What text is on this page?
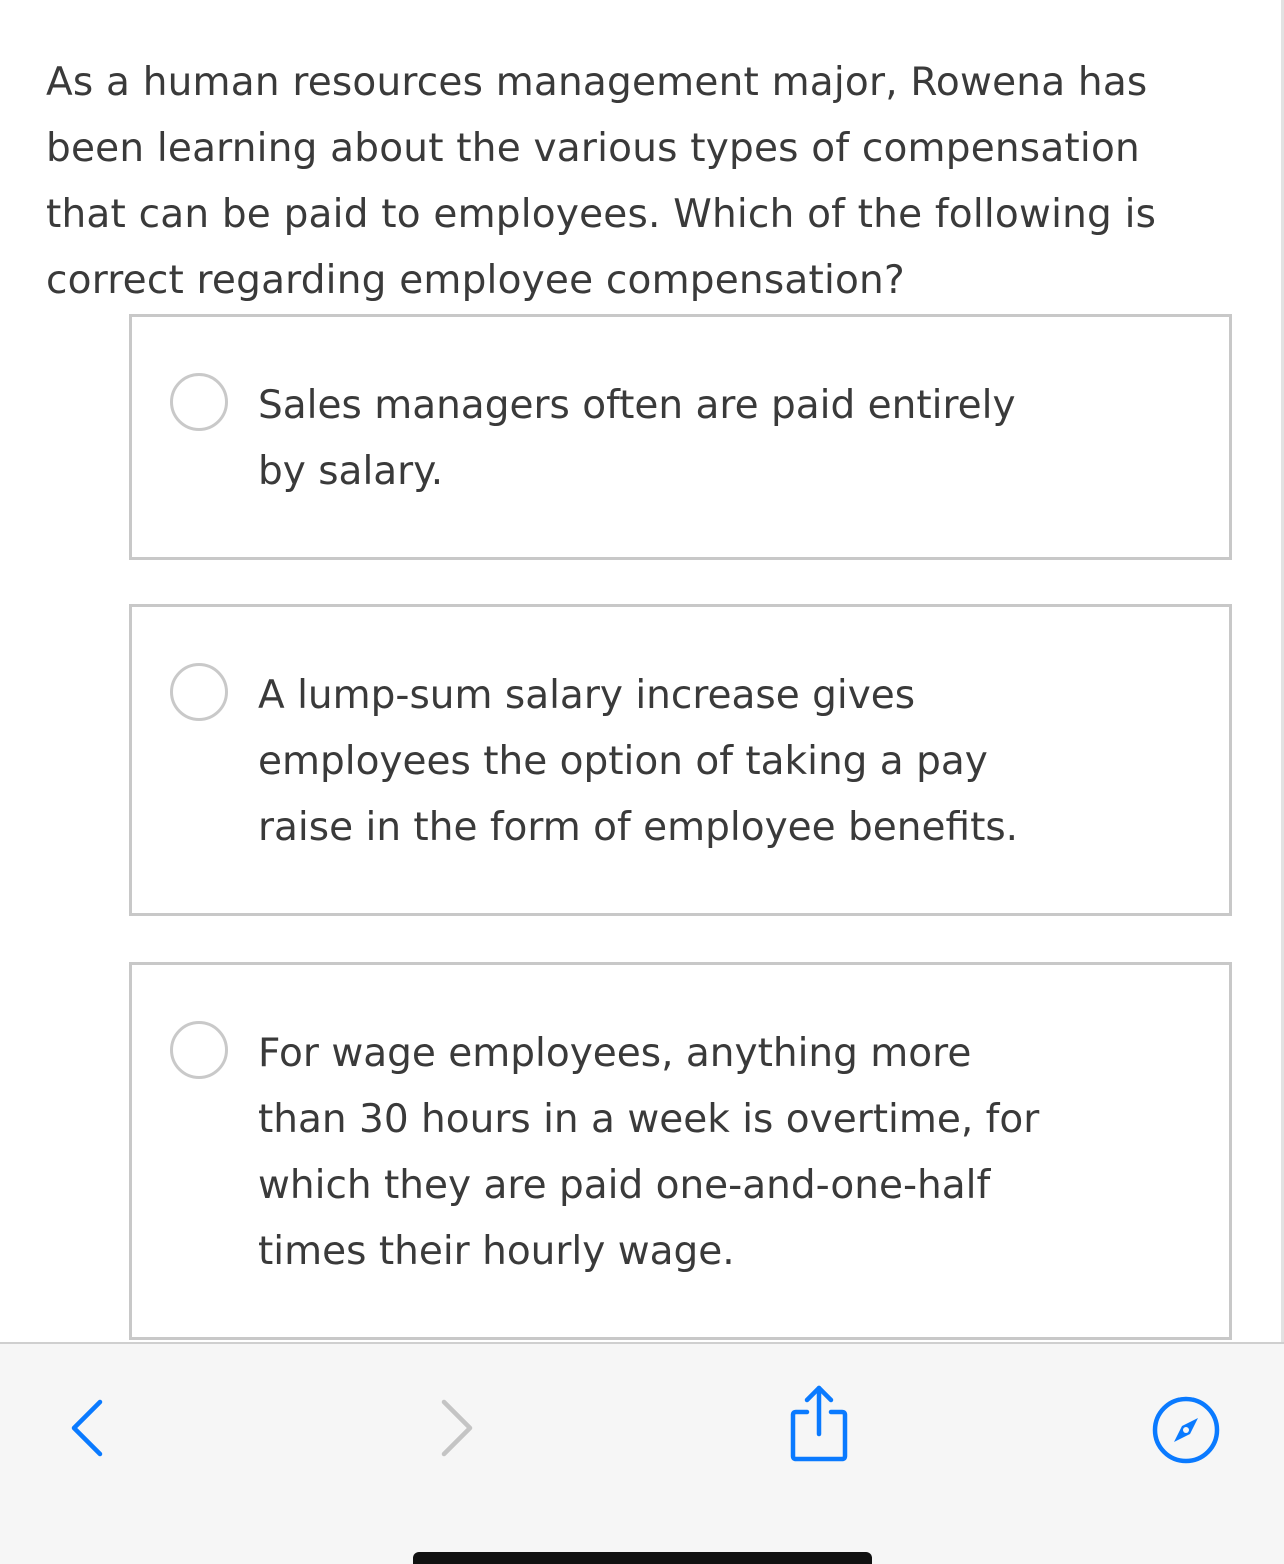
As a human resources management major, Rowena has
been learning about the various types of compensation
that can be paid to employees. Which of the following is
correct regarding employee compensation?

Sales managers often are paid entirely
by salary.
A lump-sum salary increase gives
employees the option of taking a pay
raise in the form of employee benefits.
For wage employees, anything more
than 30 hours in a week is overtime, for
which they are paid one-and-one-half
times their hourly wage.
